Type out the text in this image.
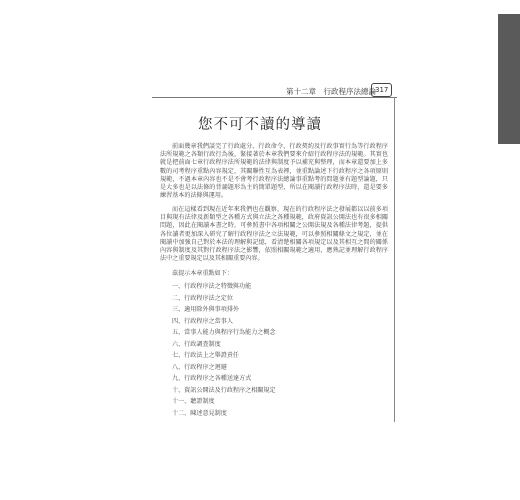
第十二章　行政程序法總論 317
您不可不讀的導讀

前面幾章我們談完了行政處分、行政命令、行政契約及行政事實行為等行政程序法所規範之各類行政行為後，緊接著於本章我們要來介紹行政程序法的規範。其實也就是把前面七章行政程序法所規範的法律與制度予以補充與整理，而本章還要加上多數的司考程序重點內容規定，其關聯性互為表裡，並重點論述下行政程序之各項原則規範，不過本章內容也不是不會考行政程序法總論事重點考的問題並有題型論題，只是大多也是以法條的背誦題形為主的簡單題型，所以在閱讀行政程序法時，還是要多練習基本的法條與運用。

而在這樣看到現在近年來我們也在觀察，現在的行政程序法之發展都以以前多項目與現有法律及新類型之各種方式與立法之各種規範，政府資訊公開法也有很多相關問題，因此在閱讀本書之時，可參照書中各項相關之公開法規及各種法律考題，提供各位讀者更加深入研究了解行政程序法之立法規範，可以參照相關條文之規定，並在閱讀中加強自己對於本法的理解與記憶，看清楚相關各項規定以及其相互之間的關係內容與制度及其對行政程序法之影響，依照相關規範之適用，應熟記並理解行政程序法中之重要規定以及其相關重要內容。

茲提示本章重點如下：

一、行政程序法之特徵與功能
二、行政程序法之定位
三、適用除外與事項排外
四、行政程序之當事人
五、當事人能力與程序行為能力之概念
六、行政調查制度
七、行政法上之舉證責任
八、行政程序之迴避
九、行政程序之各種送達方式
十、資訊公開法及行政程序之相關規定
十一、聽證制度
十二、陳述意見制度
